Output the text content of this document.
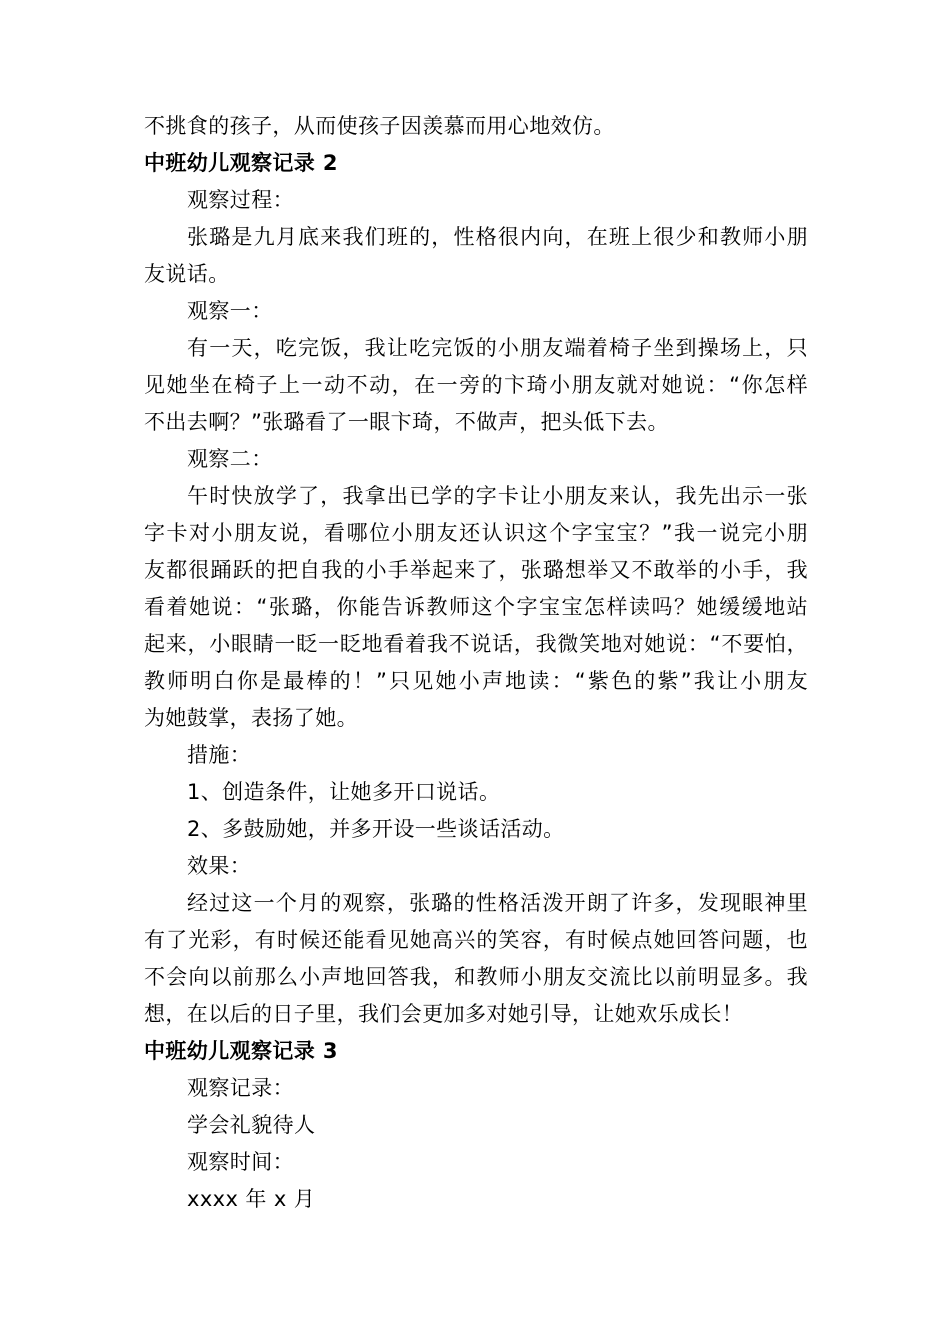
不挑食的孩子，从而使孩子因羡慕而用心地效仿。
中班幼儿观察记录 2
观察过程：
张璐是九月底来我们班的，性格很内向，在班上很少和教师小朋
友说话。
观察一：
有一天，吃完饭，我让吃完饭的小朋友端着椅子坐到操场上，只
见她坐在椅子上一动不动，在一旁的卞琦小朋友就对她说：“你怎样
不出去啊？”张璐看了一眼卞琦，不做声，把头低下去。
观察二：
午时快放学了，我拿出已学的字卡让小朋友来认，我先出示一张
字卡对小朋友说，看哪位小朋友还认识这个字宝宝？”我一说完小朋
友都很踊跃的把自我的小手举起来了，张璐想举又不敢举的小手，我
看着她说：“张璐，你能告诉教师这个字宝宝怎样读吗？她缓缓地站
起来，小眼睛一眨一眨地看着我不说话，我微笑地对她说：“不要怕，
教师明白你是最棒的！”只见她小声地读：“紫色的紫”我让小朋友
为她鼓掌，表扬了她。
措施：
1、创造条件，让她多开口说话。
2、多鼓励她，并多开设一些谈话活动。
效果：
经过这一个月的观察，张璐的性格活泼开朗了许多，发现眼神里
有了光彩，有时候还能看见她高兴的笑容，有时候点她回答问题，也
不会向以前那么小声地回答我，和教师小朋友交流比以前明显多。我
想，在以后的日子里，我们会更加多对她引导，让她欢乐成长！
中班幼儿观察记录 3
观察记录：
学会礼貌待人
观察时间：
xxxx 年 x 月
